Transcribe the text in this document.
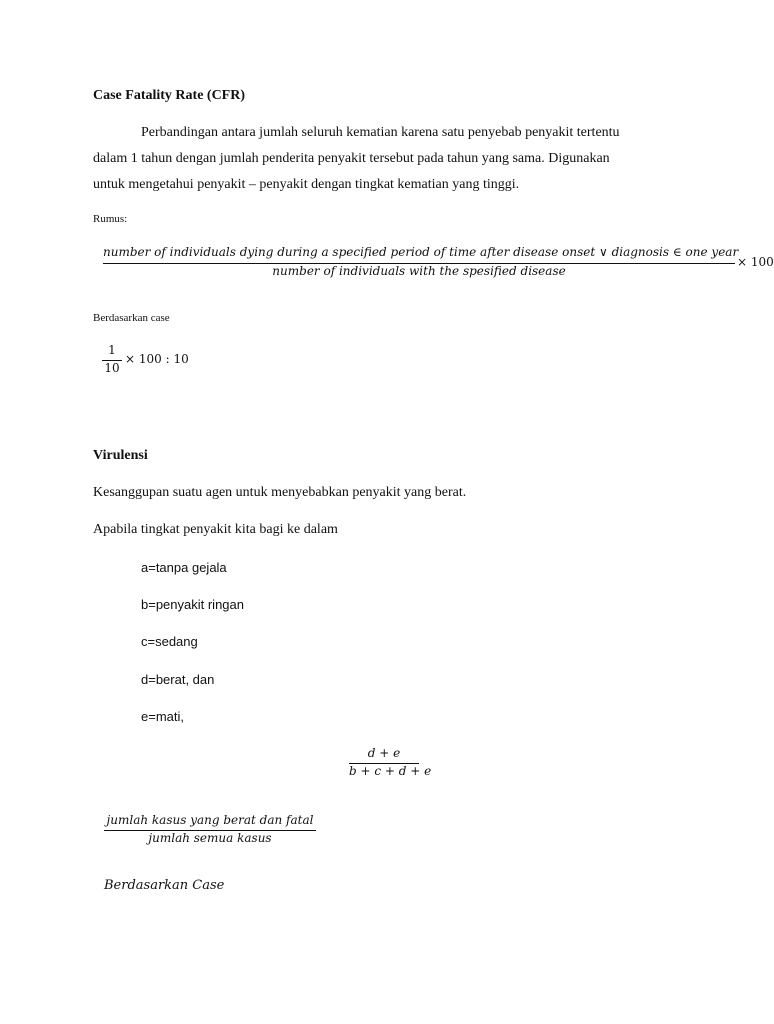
Case Fatality Rate (CFR)
Perbandingan antara jumlah seluruh kematian karena satu penyebab penyakit tertentu
dalam 1 tahun dengan jumlah penderita penyakit tersebut pada tahun yang sama. Digunakan
untuk mengetahui penyakit – penyakit dengan tingkat kematian yang tinggi.
Rumus:
number of individuals dying during a specified period of time after disease onset ∨ diagnosis ∈ one year
number of individuals with the spesified disease
× 100
Berdasarkan case
1
10
× 100 : 10
Virulensi
Kesanggupan suatu agen untuk menyebabkan penyakit yang berat.
Apabila tingkat penyakit kita bagi ke dalam
a=tanpa gejala
b=penyakit ringan
c=sedang
d=berat, dan
e=mati,
d + e
b + c + d + e
jumlah kasus yang berat dan fatal
jumlah semua kasus
Berdasarkan Case
